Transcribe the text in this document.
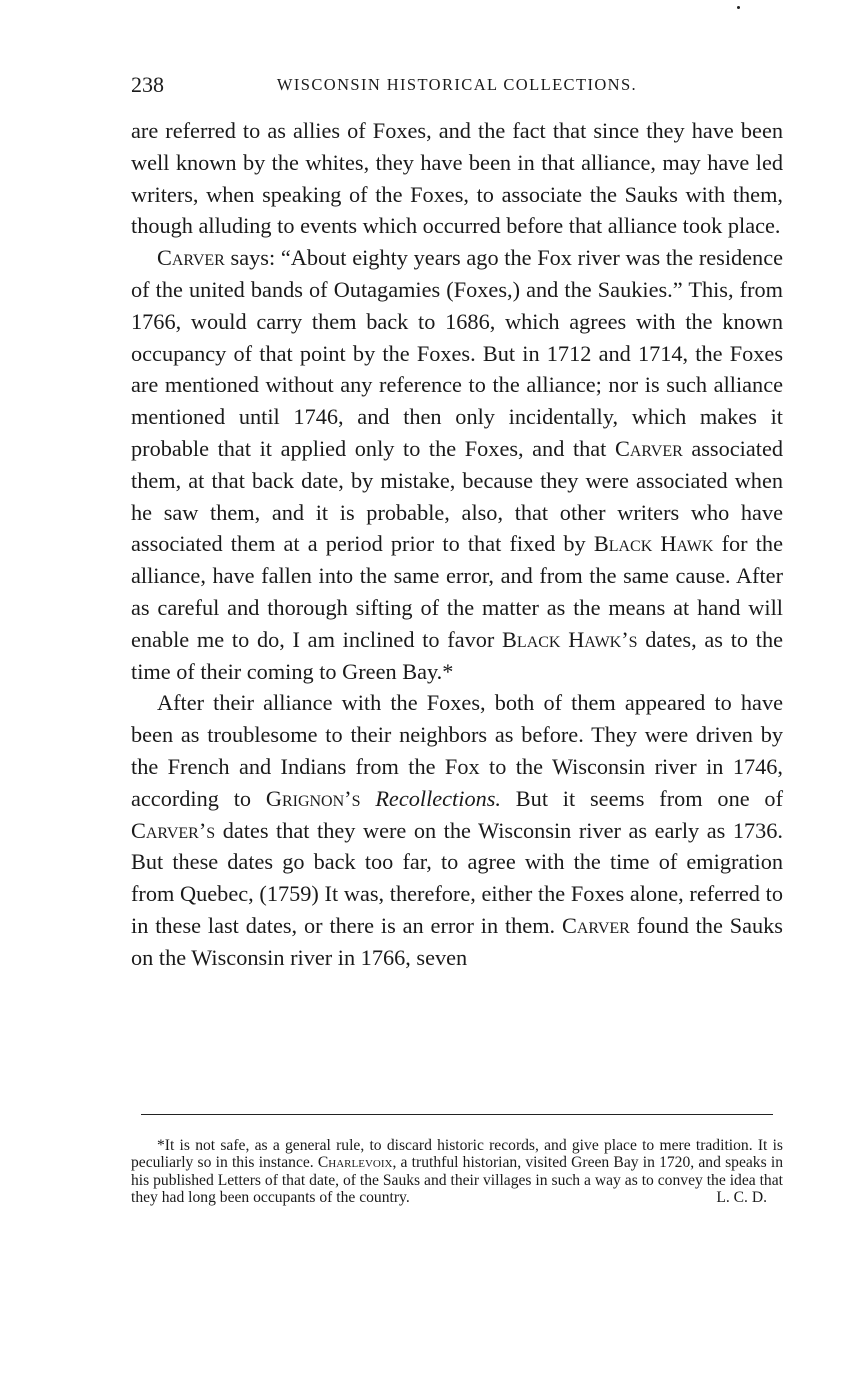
238	WISCONSIN HISTORICAL COLLECTIONS.

are referred to as allies of Foxes, and the fact that since they have been well known by the whites, they have been in that alliance, may have led writers, when speaking of the Foxes, to associate the Sauks with them, though alluding to events which occurred before that alliance took place.

Carver says: “About eighty years ago the Fox river was the residence of the united bands of Outagamies (Foxes,) and the Saukies.” This, from 1766, would carry them back to 1686, which agrees with the known occupancy of that point by the Foxes. But in 1712 and 1714, the Foxes are mentioned without any reference to the alliance; nor is such alliance mentioned until 1746, and then only incidentally, which makes it probable that it applied only to the Foxes, and that Carver associated them, at that back date, by mistake, because they were associated when he saw them, and it is probable, also, that other writers who have associated them at a period prior to that fixed by Black Hawk for the alliance, have fallen into the same error, and from the same cause. After as careful and thorough sifting of the matter as the means at hand will enable me to do, I am inclined to favor Black Hawk’s dates, as to the time of their coming to Green Bay.*

After their alliance with the Foxes, both of them appeared to have been as troublesome to their neighbors as before. They were driven by the French and Indians from the Fox to the Wisconsin river in 1746, according to Grignon’s Recollections. But it seems from one of Carver’s dates that they were on the Wisconsin river as early as 1736. But these dates go back too far, to agree with the time of emigration from Quebec, (1759) It was, therefore, either the Foxes alone, referred to in these last dates, or there is an error in them. Carver found the Sauks on the Wisconsin river in 1766, seven

*It is not safe, as a general rule, to discard historic records, and give place to mere tradition. It is peculiarly so in this instance. Charlevoix, a truthful historian, visited Green Bay in 1720, and speaks in his published Letters of that date, of the Sauks and their villages in such a way as to convey the idea that they had long been occupants of the country.	L. C. D.
